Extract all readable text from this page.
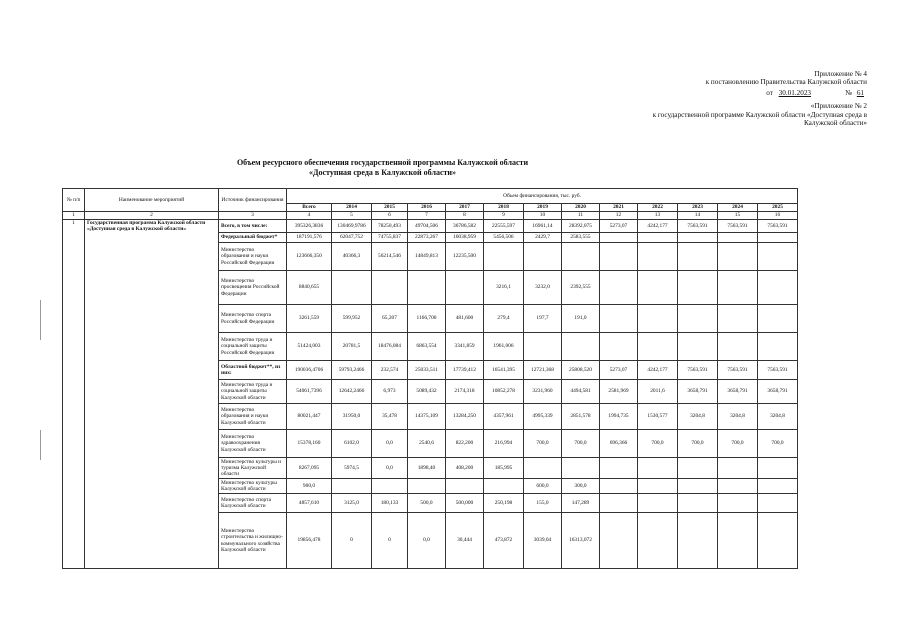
Приложение № 4
к постановлению Правительства Калужской области
от 30.01.2023	№ 61
«Приложение № 2
к государственной программе Калужской области «Доступная среда в
Калужской области»
Объем ресурсного обеспечения государственной программы Калужской области
«Доступная среда в Калужской области»
№ п/п	Наименование мероприятий	Источник финансирования	Объем финансирования, тыс. руб.												
			Всего	2014	2015	2016	2017	2018	2019	2020	2021	2022	2023	2024	2025
1	2	3	4	5	6	7	8	9	10	11	12	13	14	15	16
1	Государственная программа Калужской области «Доступная среда в Калужской области»	Всего, в том числе:	395326,3836	130469,9786	78250,493	49704,506	36786,582	22555,597	16961,14	28392,075	5273,07	4242,177	7563,591	7563,591	7563,591
		Федеральный бюджет*	187191,576	62047,752	74755,837	22873,267	16038,959	5456,506	2429,7	2583,555					
		Министерство образования и науки Российской Федерации	123666,350	40366,3	56214,546	14849,813	12235,500								
		Министерство просвещения Российской Федерации	8840,655					3216,1	3232,0	2392,555					
		Министерство спорта Российской Федерации	3261,559	599,952	65,207	1166,700	481,600	279,4	197,7	191,0					
		Министерство труда и социальной защиты Российской Федерации	51424,003	20781,5	18476,084	6863,554	3341,859	1961,006							
		Областной бюджет**, из них:	190036,4706	59793,2466	232,574	25033,511	17739,412	16541,395	12721,368	25808,520	5273,07	4242,177	7563,591	7563,591	7563,591
		Министерство труда и социальной защиты Калужской области	54061,7396	12642,2466	6,973	5089,432	2174,318	10852,278	3231,960	4494,581	2581,969	2011,6	3658,791	3658,791	3658,791
		Министерство образования и науки Калужской области	80021,447	31950,0	35,478	14375,109	13284,250	4357,961	4995,339	2851,578	1994,735	1530,577	3204,8	3204,8	3204,8
		Министерство здравоохранения Калужской области	15378,160	6102,0	0,0	2540,6	822,200	216,994	700,0	700,0	696,366	700,0	700,0	700,0	700,0
		Министерство культуры и туризма Калужской области	8267,095	5974,5	0,0	1898,40	408,200	185,995							
		Министерство культуры Калужской области	900,0						600,0	300,0					
		Министерство спорта Калужской области	4857,610	3125,0	180,133	500,0	500,000	250,198	155,0	147,289					
		Министерство строительства и жилищно-коммунального хозяйства Калужской области	19856,478	0	0	0,0	30,444	473,872	3039,04	16313,072					
